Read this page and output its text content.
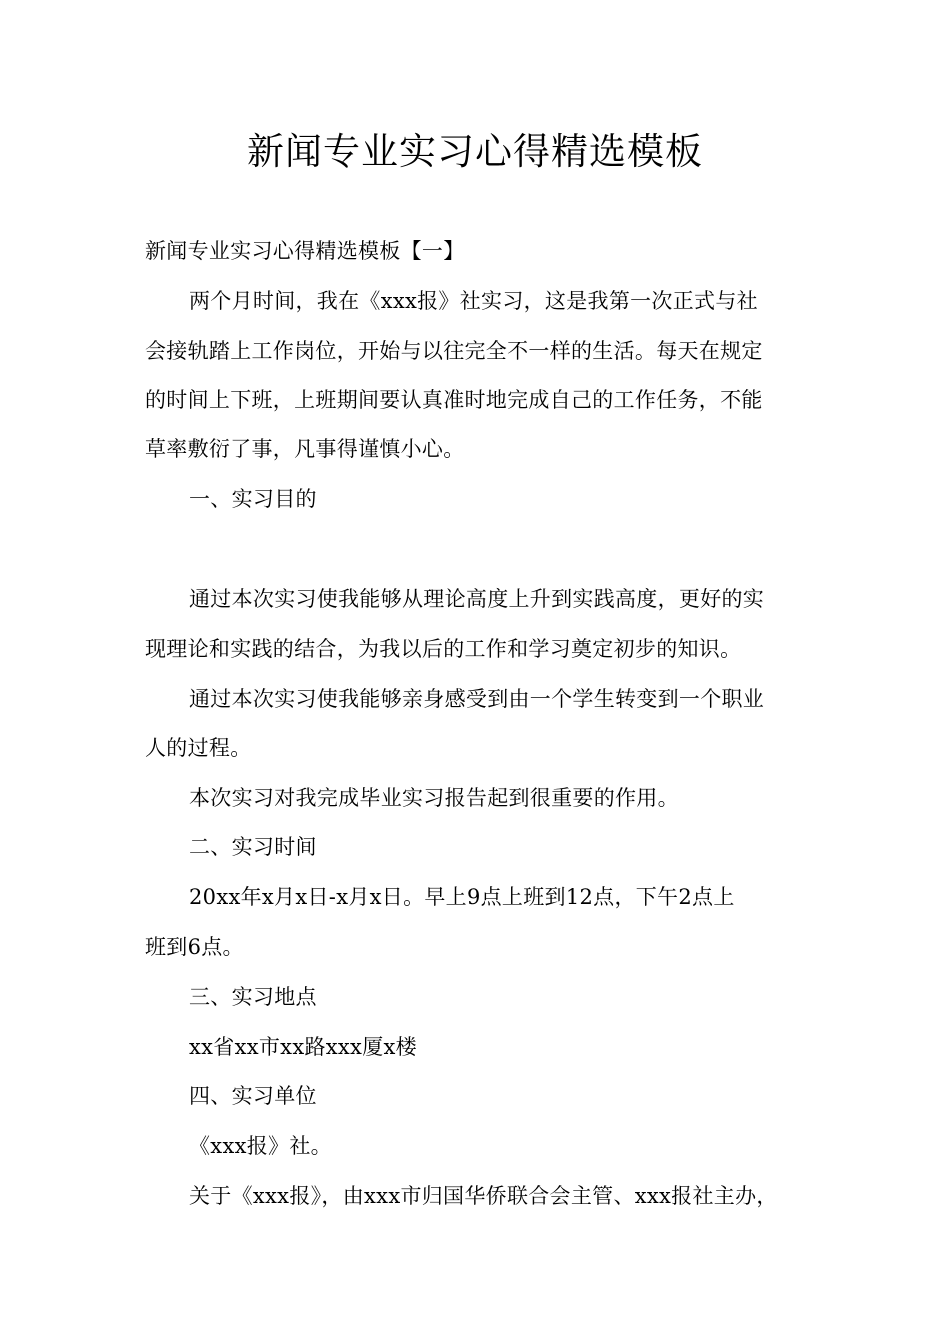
新闻专业实习心得精选模板
新闻专业实习心得精选模板【一】
两个月时间，我在《xxx报》社实习，这是我第一次正式与社
会接轨踏上工作岗位，开始与以往完全不一样的生活。每天在规定
的时间上下班，上班期间要认真准时地完成自己的工作任务，不能
草率敷衍了事，凡事得谨慎小心。
一、实习目的
通过本次实习使我能够从理论高度上升到实践高度，更好的实
现理论和实践的结合，为我以后的工作和学习奠定初步的知识。
通过本次实习使我能够亲身感受到由一个学生转变到一个职业
人的过程。
本次实习对我完成毕业实习报告起到很重要的作用。
二、实习时间
20xx年x月x日-x月x日。早上9点上班到12点，下午2点上
班到6点。
三、实习地点
xx省xx市xx路xxx厦x楼
四、实习单位
《xxx报》社。
关于《xxx报》，由xxx市归国华侨联合会主管、xxx报社主办，
